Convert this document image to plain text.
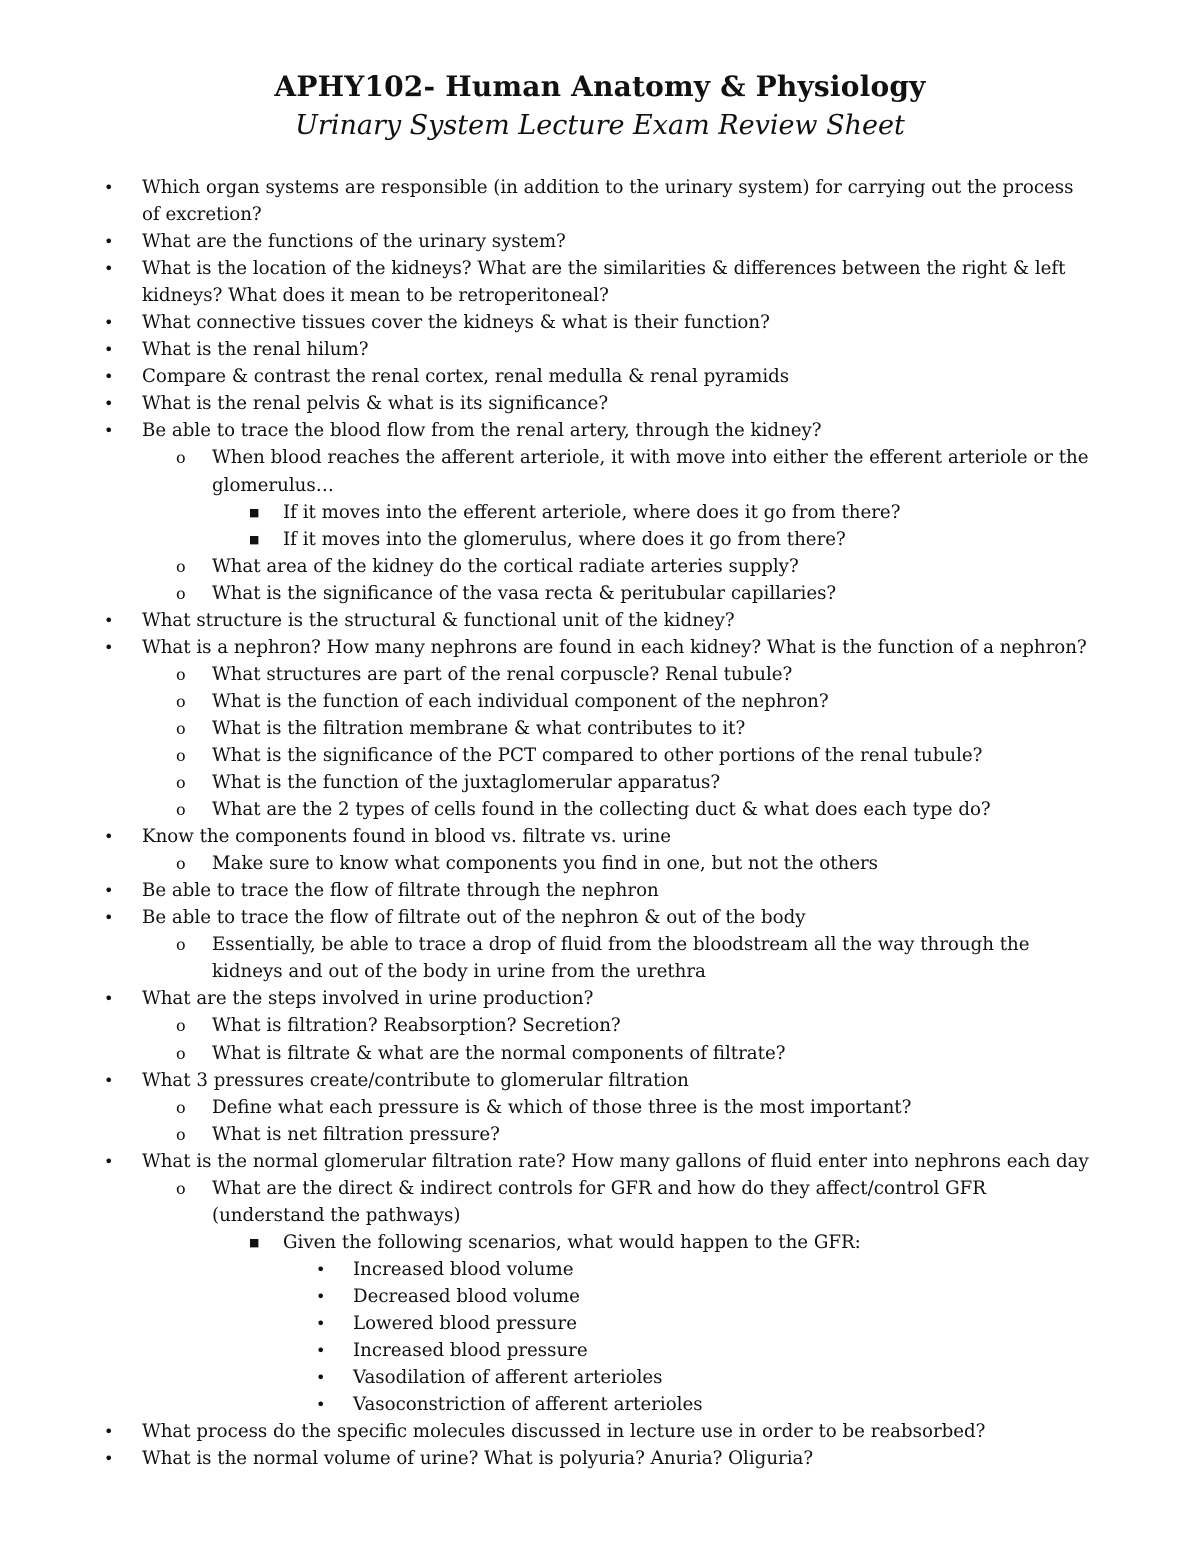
APHY102- Human Anatomy & Physiology
Urinary System Lecture Exam Review Sheet
• Which organ systems are responsible (in addition to the urinary system) for carrying out the process
of excretion?
• What are the functions of the urinary system?
• What is the location of the kidneys? What are the similarities & differences between the right & left
kidneys? What does it mean to be retroperitoneal?
• What connective tissues cover the kidneys & what is their function?
• What is the renal hilum?
• Compare & contrast the renal cortex, renal medulla & renal pyramids
• What is the renal pelvis & what is its significance?
• Be able to trace the blood flow from the renal artery, through the kidney?
o When blood reaches the afferent arteriole, it with move into either the efferent arteriole or the
glomerulus…
■ If it moves into the efferent arteriole, where does it go from there?
■ If it moves into the glomerulus, where does it go from there?
o What area of the kidney do the cortical radiate arteries supply?
o What is the significance of the vasa recta & peritubular capillaries?
• What structure is the structural & functional unit of the kidney?
• What is a nephron? How many nephrons are found in each kidney? What is the function of a nephron?
o What structures are part of the renal corpuscle? Renal tubule?
o What is the function of each individual component of the nephron?
o What is the filtration membrane & what contributes to it?
o What is the significance of the PCT compared to other portions of the renal tubule?
o What is the function of the juxtaglomerular apparatus?
o What are the 2 types of cells found in the collecting duct & what does each type do?
• Know the components found in blood vs. filtrate vs. urine
o Make sure to know what components you find in one, but not the others
• Be able to trace the flow of filtrate through the nephron
• Be able to trace the flow of filtrate out of the nephron & out of the body
o Essentially, be able to trace a drop of fluid from the bloodstream all the way through the
kidneys and out of the body in urine from the urethra
• What are the steps involved in urine production?
o What is filtration? Reabsorption? Secretion?
o What is filtrate & what are the normal components of filtrate?
• What 3 pressures create/contribute to glomerular filtration
o Define what each pressure is & which of those three is the most important?
o What is net filtration pressure?
• What is the normal glomerular filtration rate? How many gallons of fluid enter into nephrons each day
o What are the direct & indirect controls for GFR and how do they affect/control GFR
(understand the pathways)
■ Given the following scenarios, what would happen to the GFR:
• Increased blood volume
• Decreased blood volume
• Lowered blood pressure
• Increased blood pressure
• Vasodilation of afferent arterioles
• Vasoconstriction of afferent arterioles
• What process do the specific molecules discussed in lecture use in order to be reabsorbed?
• What is the normal volume of urine? What is polyuria? Anuria? Oliguria?
